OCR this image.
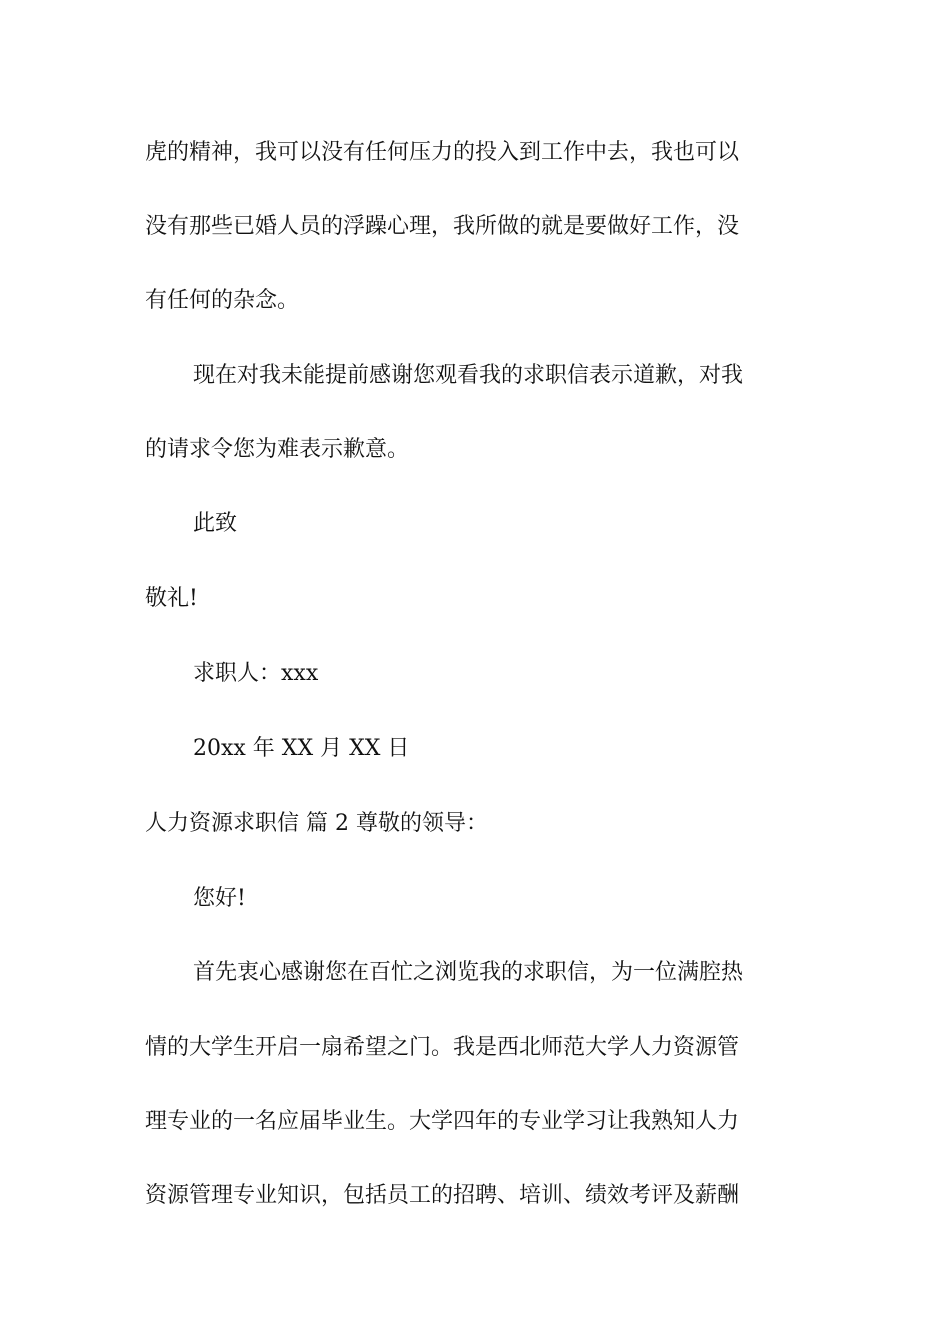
虎的精神，我可以没有任何压力的投入到工作中去，我也可以
没有那些已婚人员的浮躁心理，我所做的就是要做好工作，没
有任何的杂念。
现在对我未能提前感谢您观看我的求职信表示道歉，对我
的请求令您为难表示歉意。
此致
敬礼!
求职人：xxx
20xx 年 XX 月 XX 日
人力资源求职信 篇 2 尊敬的领导：
您好!
首先衷心感谢您在百忙之浏览我的求职信，为一位满腔热
情的大学生开启一扇希望之门。我是西北师范大学人力资源管
理专业的一名应届毕业生。大学四年的专业学习让我熟知人力
资源管理专业知识，包括员工的招聘、培训、绩效考评及薪酬
